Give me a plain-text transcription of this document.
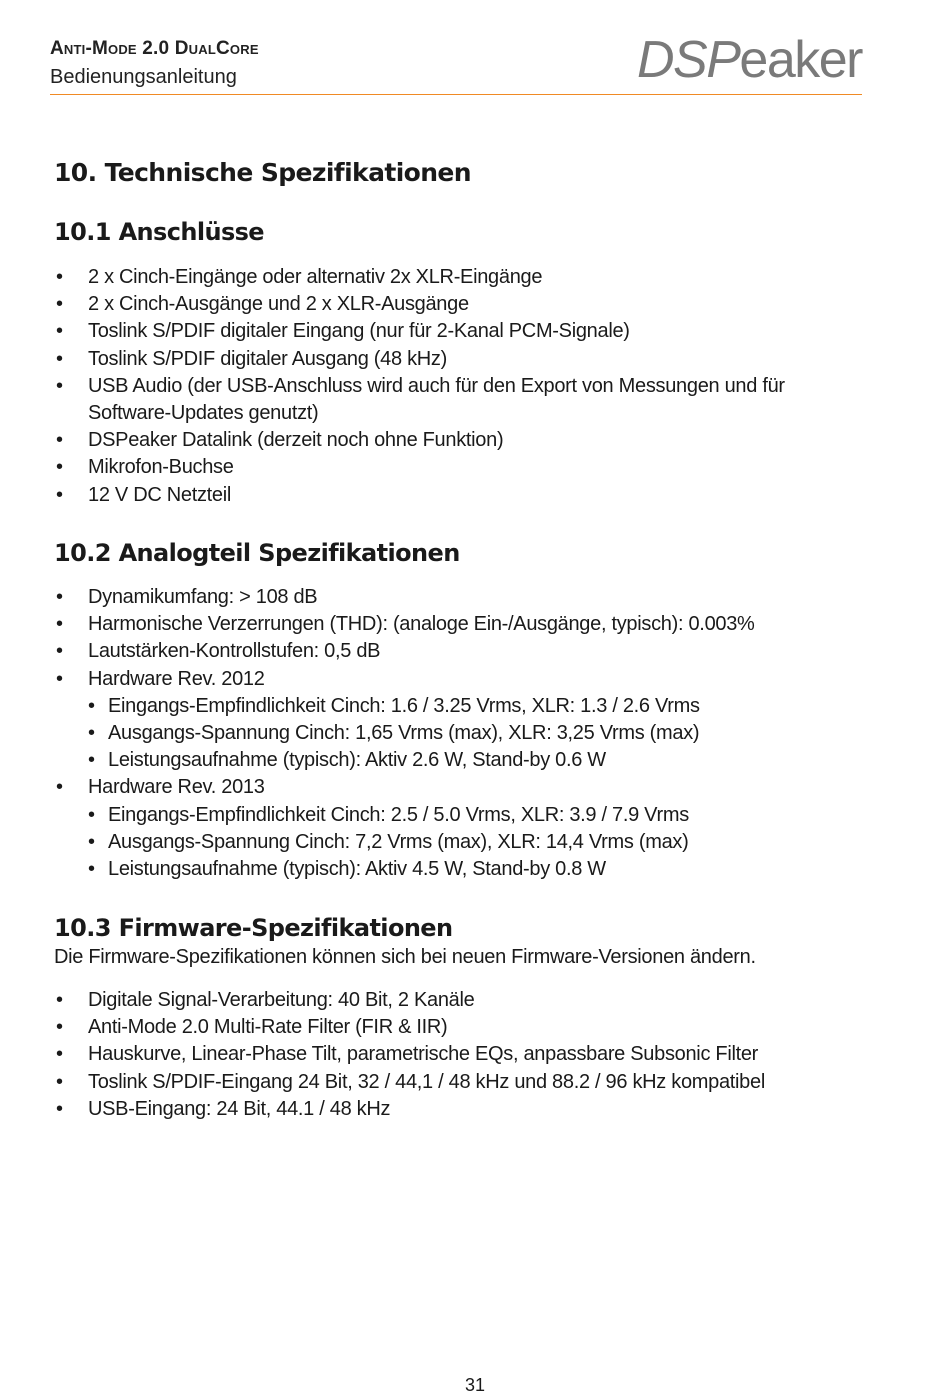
Anti-Mode 2.0 DualCore
Bedienungsanleitung	DSPeaker
10. Technische Spezifikationen
10.1 Anschlüsse
• 2 x Cinch-Eingänge oder alternativ 2x XLR-Eingänge
• 2 x Cinch-Ausgänge und 2 x XLR-Ausgänge
• Toslink S/PDIF digitaler Eingang (nur für 2-Kanal PCM-Signale)
• Toslink S/PDIF digitaler Ausgang (48 kHz)
• USB Audio (der USB-Anschluss wird auch für den Export von Messungen und für Software-Updates genutzt)
• DSPeaker Datalink (derzeit noch ohne Funktion)
• Mikrofon-Buchse
• 12 V DC Netzteil
10.2 Analogteil Spezifikationen
• Dynamikumfang: > 108 dB
• Harmonische Verzerrungen (THD): (analoge Ein-/Ausgänge, typisch): 0.003%
• Lautstärken-Kontrollstufen: 0,5 dB
• Hardware Rev. 2012
• Eingangs-Empfindlichkeit Cinch: 1.6 / 3.25 Vrms, XLR: 1.3 / 2.6 Vrms
• Ausgangs-Spannung Cinch: 1,65 Vrms (max), XLR: 3,25 Vrms (max)
• Leistungsaufnahme (typisch): Aktiv 2.6 W, Stand-by 0.6 W
• Hardware Rev. 2013
• Eingangs-Empfindlichkeit Cinch: 2.5 / 5.0 Vrms, XLR: 3.9 / 7.9 Vrms
• Ausgangs-Spannung Cinch: 7,2 Vrms (max), XLR: 14,4 Vrms (max)
• Leistungsaufnahme (typisch): Aktiv 4.5 W, Stand-by 0.8 W
10.3 Firmware-Spezifikationen
Die Firmware-Spezifikationen können sich bei neuen Firmware-Versionen ändern.
• Digitale Signal-Verarbeitung: 40 Bit, 2 Kanäle
• Anti-Mode 2.0 Multi-Rate Filter (FIR & IIR)
• Hauskurve, Linear-Phase Tilt, parametrische EQs, anpassbare Subsonic Filter
• Toslink S/PDIF-Eingang 24 Bit, 32 / 44,1 / 48 kHz und 88.2 / 96 kHz kompatibel
• USB-Eingang: 24 Bit, 44.1 / 48 kHz
31
